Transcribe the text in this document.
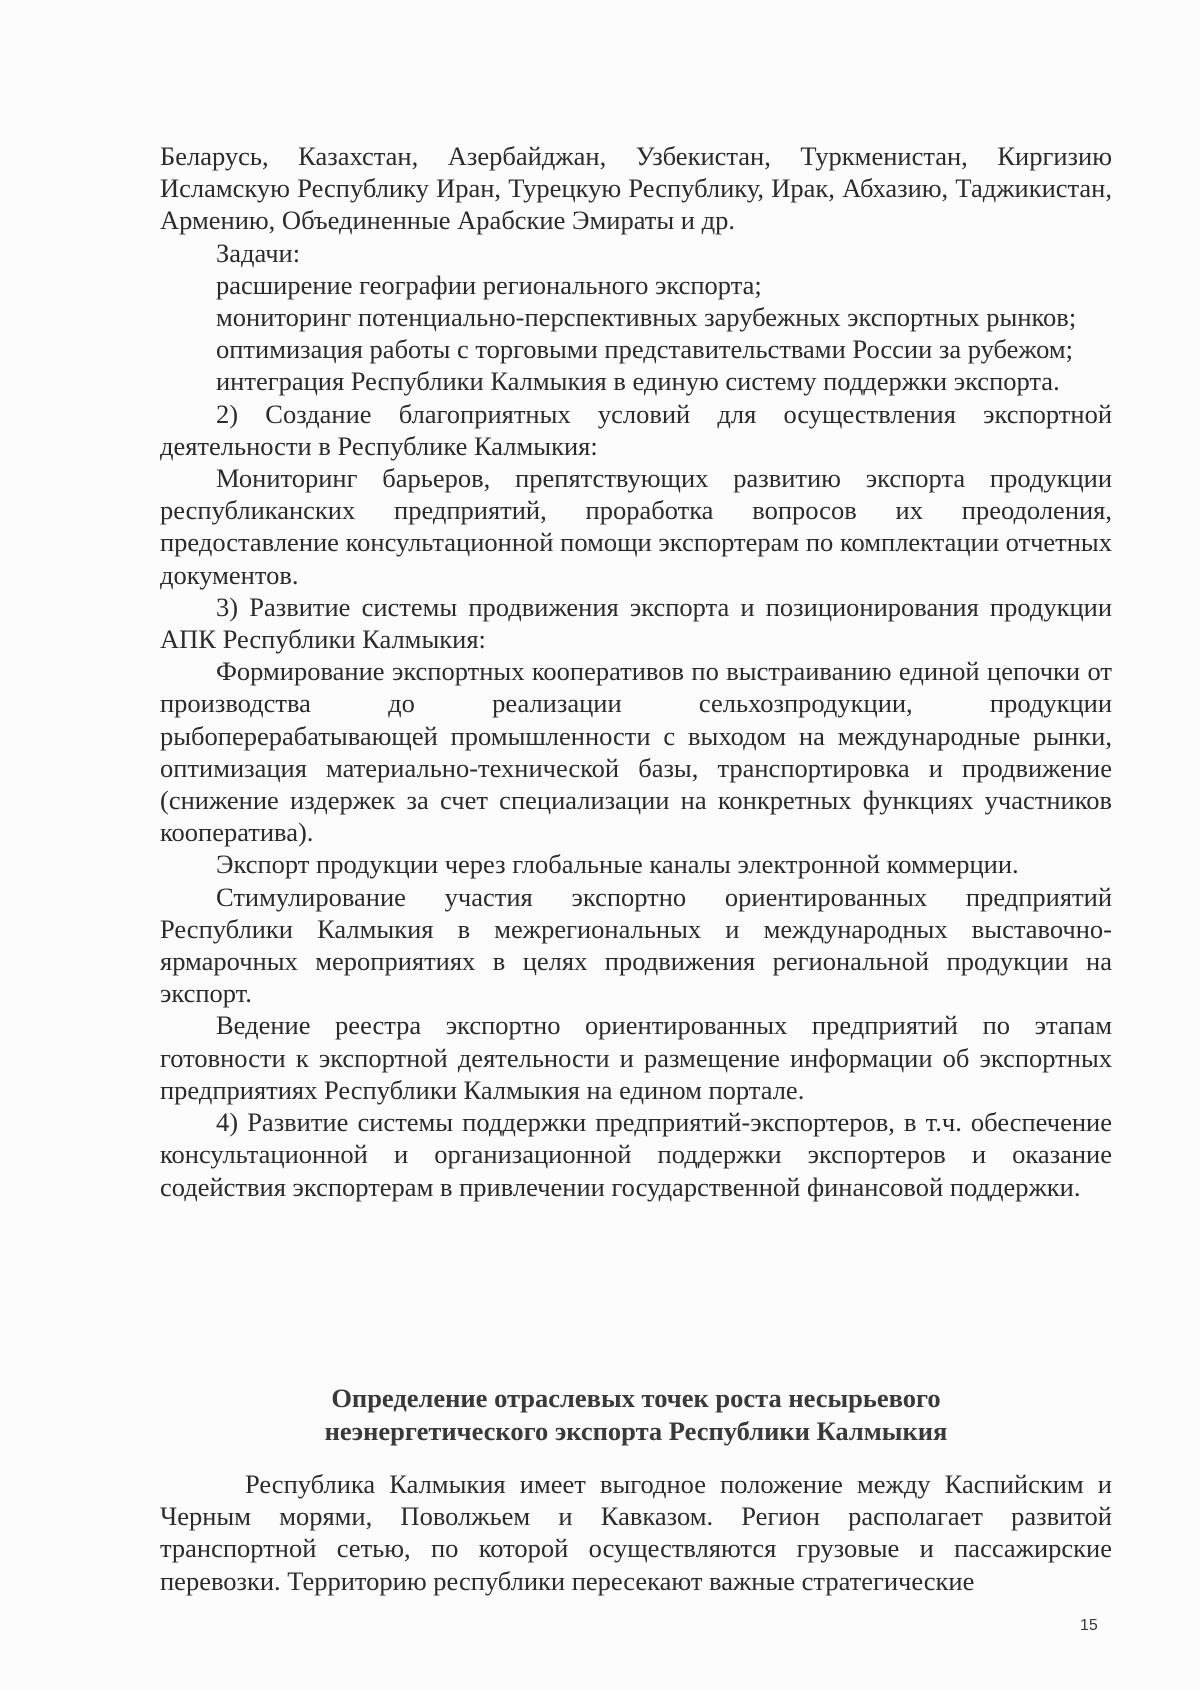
Беларусь, Казахстан, Азербайджан, Узбекистан, Туркменистан, Киргизию Исламскую Республику Иран, Турецкую Республику, Ирак, Абхазию, Таджикистан, Армению, Объединенные Арабские Эмираты и др.

Задачи:

расширение географии регионального экспорта;

мониторинг потенциально-перспективных зарубежных экспортных рынков;

оптимизация работы с торговыми представительствами России за рубежом;

интеграция Республики Калмыкия в единую систему поддержки экспорта.

2) Создание благоприятных условий для осуществления экспортной деятельности в Республике Калмыкия:

Мониторинг барьеров, препятствующих развитию экспорта продукции республиканских предприятий, проработка вопросов их преодоления, предоставление консультационной помощи экспортерам по комплектации отчетных документов.

3) Развитие системы продвижения экспорта и позиционирования продукции АПК Республики Калмыкия:

Формирование экспортных кооперативов по выстраиванию единой цепочки от производства до реализации сельхозпродукции, продукции рыбоперерабатывающей промышленности с выходом на международные рынки, оптимизация материально-технической базы, транспортировка и продвижение (снижение издержек за счет специализации на конкретных функциях участников кооператива).

Экспорт продукции через глобальные каналы электронной коммерции.

Стимулирование участия экспортно ориентированных предприятий Республики Калмыкия в межрегиональных и международных выставочно-ярмарочных мероприятиях в целях продвижения региональной продукции на экспорт.

Ведение реестра экспортно ориентированных предприятий по этапам готовности к экспортной деятельности и размещение информации об экспортных предприятиях Республики Калмыкия на едином портале.

4) Развитие системы поддержки предприятий-экспортеров, в т.ч. обеспечение консультационной и организационной поддержки экспортеров и оказание содействия экспортерам в привлечении государственной финансовой поддержки.

Определение отраслевых точек роста несырьевого
неэнергетического экспорта Республики Калмыкия

Республика Калмыкия имеет выгодное положение между Каспийским и Черным морями, Поволжьем и Кавказом. Регион располагает развитой транспортной сетью, по которой осуществляются грузовые и пассажирские перевозки. Территорию республики пересекают важные стратегические

15
